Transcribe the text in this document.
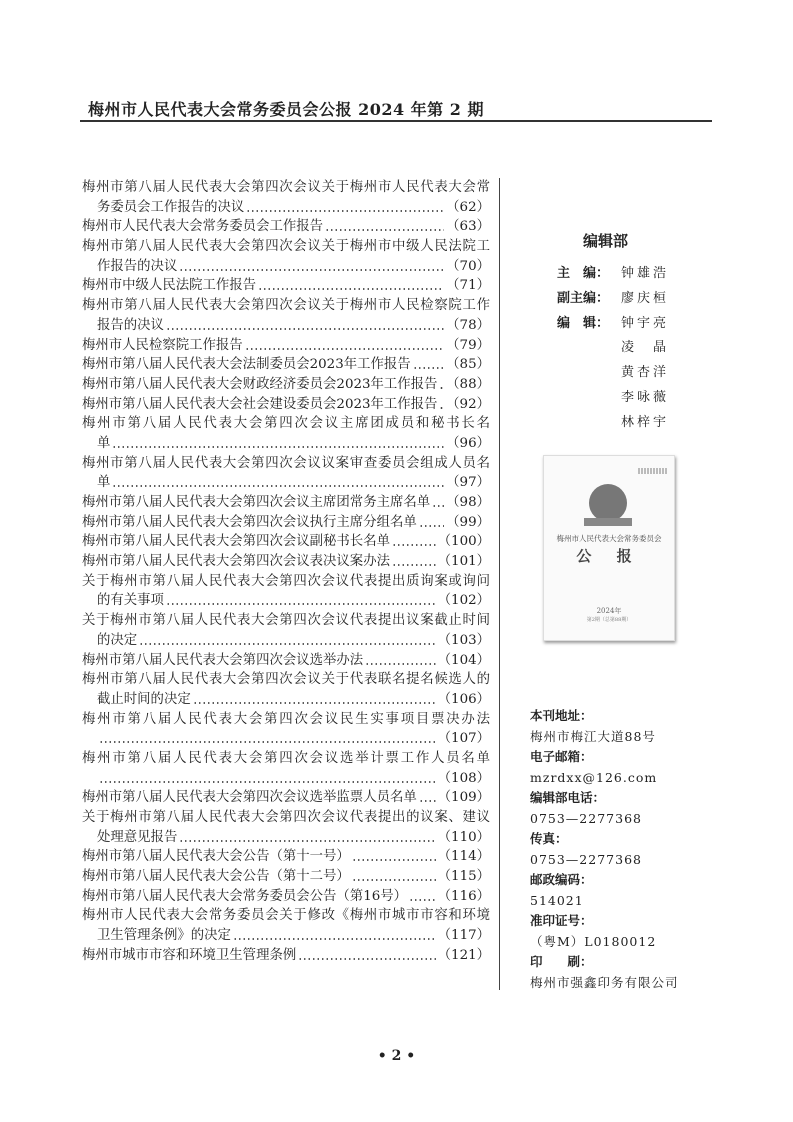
梅州市人民代表大会常务委员会公报 2024 年第 2 期
梅州市第八届人民代表大会第四次会议关于梅州市人民代表大会常
务委员会工作报告的决议	（62）
梅州市人民代表大会常务委员会工作报告	（63）
梅州市第八届人民代表大会第四次会议关于梅州市中级人民法院工
作报告的决议	（70）
梅州市中级人民法院工作报告	（71）
梅州市第八届人民代表大会第四次会议关于梅州市人民检察院工作
报告的决议	（78）
梅州市人民检察院工作报告	（79）
梅州市第八届人民代表大会法制委员会2023年工作报告	（85）
梅州市第八届人民代表大会财政经济委员会2023年工作报告 （88）
梅州市第八届人民代表大会社会建设委员会2023年工作报告 （92）
梅州市第八届人民代表大会第四次会议主席团成员和秘书长名
单	（96）
梅州市第八届人民代表大会第四次会议议案审查委员会组成人员名
单	（97）
梅州市第八届人民代表大会第四次会议主席团常务主席名单 （98）
梅州市第八届人民代表大会第四次会议执行主席分组名单 （99）
梅州市第八届人民代表大会第四次会议副秘书长名单	（100）
梅州市第八届人民代表大会第四次会议表决议案办法	（101）
关于梅州市第八届人民代表大会第四次会议代表提出质询案或询问
的有关事项	（102）
关于梅州市第八届人民代表大会第四次会议代表提出议案截止时间
的决定	（103）
梅州市第八届人民代表大会第四次会议选举办法	（104）
梅州市第八届人民代表大会第四次会议关于代表联名提名候选人的
截止时间的决定	（106）
梅州市第八届人民代表大会第四次会议民生实事项目票决办法
（107）
梅州市第八届人民代表大会第四次会议选举计票工作人员名单
（108）
梅州市第八届人民代表大会第四次会议选举监票人员名单 （109）
关于梅州市第八届人民代表大会第四次会议代表提出的议案、建议
处理意见报告	（110）
梅州市第八届人民代表大会公告（第十一号）	（114）
梅州市第八届人民代表大会公告（第十二号）	（115）
梅州市第八届人民代表大会常务委员会公告（第16号） （116）
梅州市人民代表大会常务委员会关于修改《梅州市城市市容和环境
卫生管理条例》的决定	（117）
梅州市城市市容和环境卫生管理条例	（121）
编辑部
主　编： 钟雄浩
副主编： 廖庆桓
编　辑： 钟宇亮
凌　晶
黄杏洋
李咏薇
林梓宇
梅州市人民代表大会常务委员会
公 报
2024年
第2期（总第88期）
本刊地址：
梅州市梅江大道88号
电子邮箱：
mzrdxx@126.com
编辑部电话：
0753—2277368
传真：
0753—2277368
邮政编码：
514021
准印证号：
（粤M）L0180012
印　　刷：
梅州市强鑫印务有限公司
• 2 •
